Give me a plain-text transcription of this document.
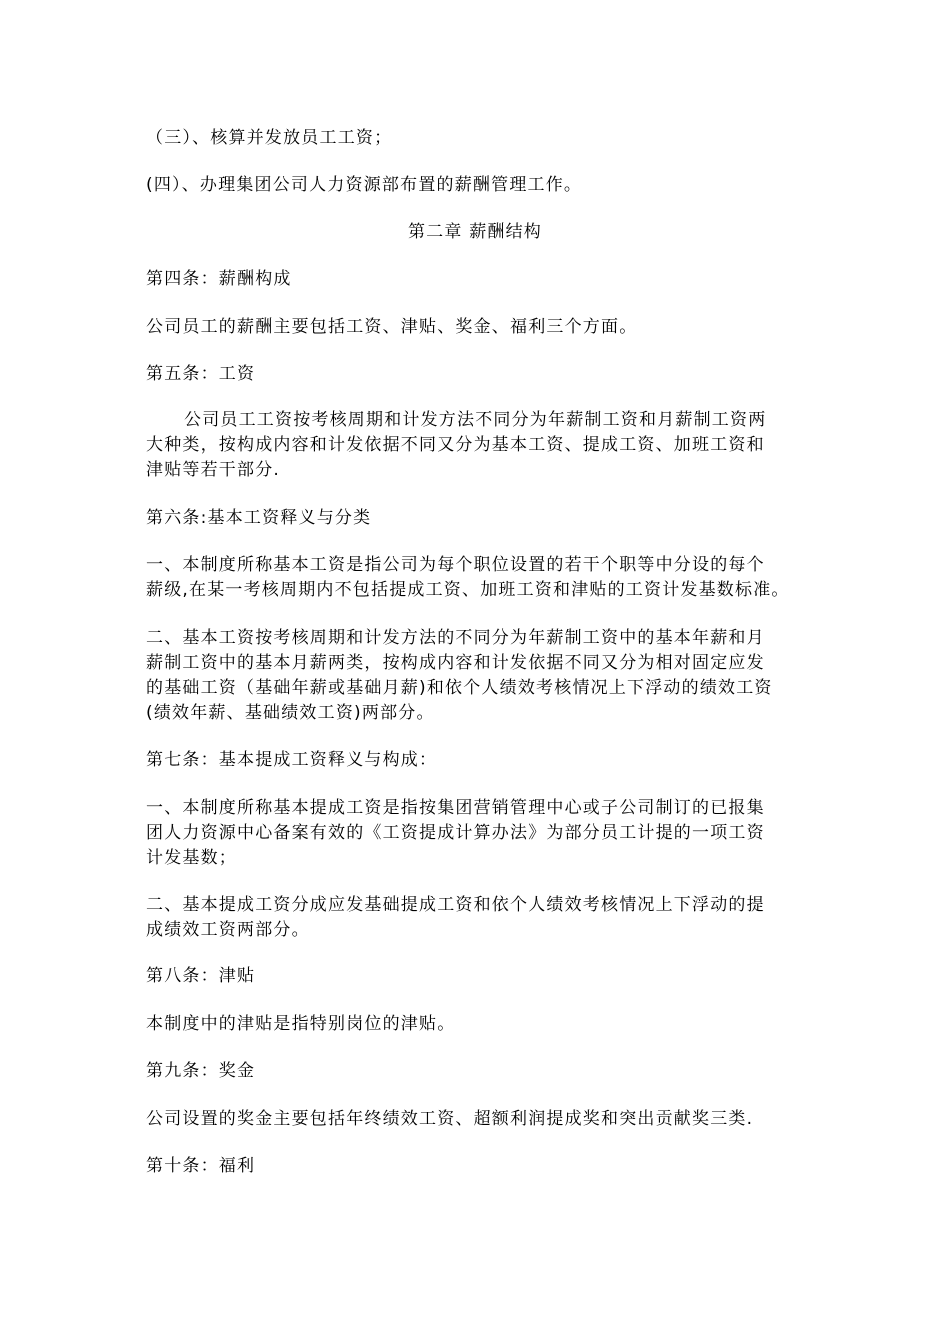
（三）、核算并发放员工工资；
(四）、办理集团公司人力资源部布置的薪酬管理工作。
第二章 薪酬结构
第四条：薪酬构成
公司员工的薪酬主要包括工资、津贴、奖金、福利三个方面。
第五条：工资
公司员工工资按考核周期和计发方法不同分为年薪制工资和月薪制工资两
大种类，按构成内容和计发依据不同又分为基本工资、提成工资、加班工资和
津贴等若干部分.
第六条:基本工资释义与分类
一、本制度所称基本工资是指公司为每个职位设置的若干个职等中分设的每个
薪级,在某一考核周期内不包括提成工资、加班工资和津贴的工资计发基数标准。
二、基本工资按考核周期和计发方法的不同分为年薪制工资中的基本年薪和月
薪制工资中的基本月薪两类，按构成内容和计发依据不同又分为相对固定应发
的基础工资（基础年薪或基础月薪)和依个人绩效考核情况上下浮动的绩效工资
(绩效年薪、基础绩效工资)两部分。
第七条：基本提成工资释义与构成：
一、本制度所称基本提成工资是指按集团营销管理中心或子公司制订的已报集
团人力资源中心备案有效的《工资提成计算办法》为部分员工计提的一项工资
计发基数；
二、基本提成工资分成应发基础提成工资和依个人绩效考核情况上下浮动的提
成绩效工资两部分。
第八条：津贴
本制度中的津贴是指特别岗位的津贴。
第九条：奖金
公司设置的奖金主要包括年终绩效工资、超额利润提成奖和突出贡献奖三类.
第十条：福利
